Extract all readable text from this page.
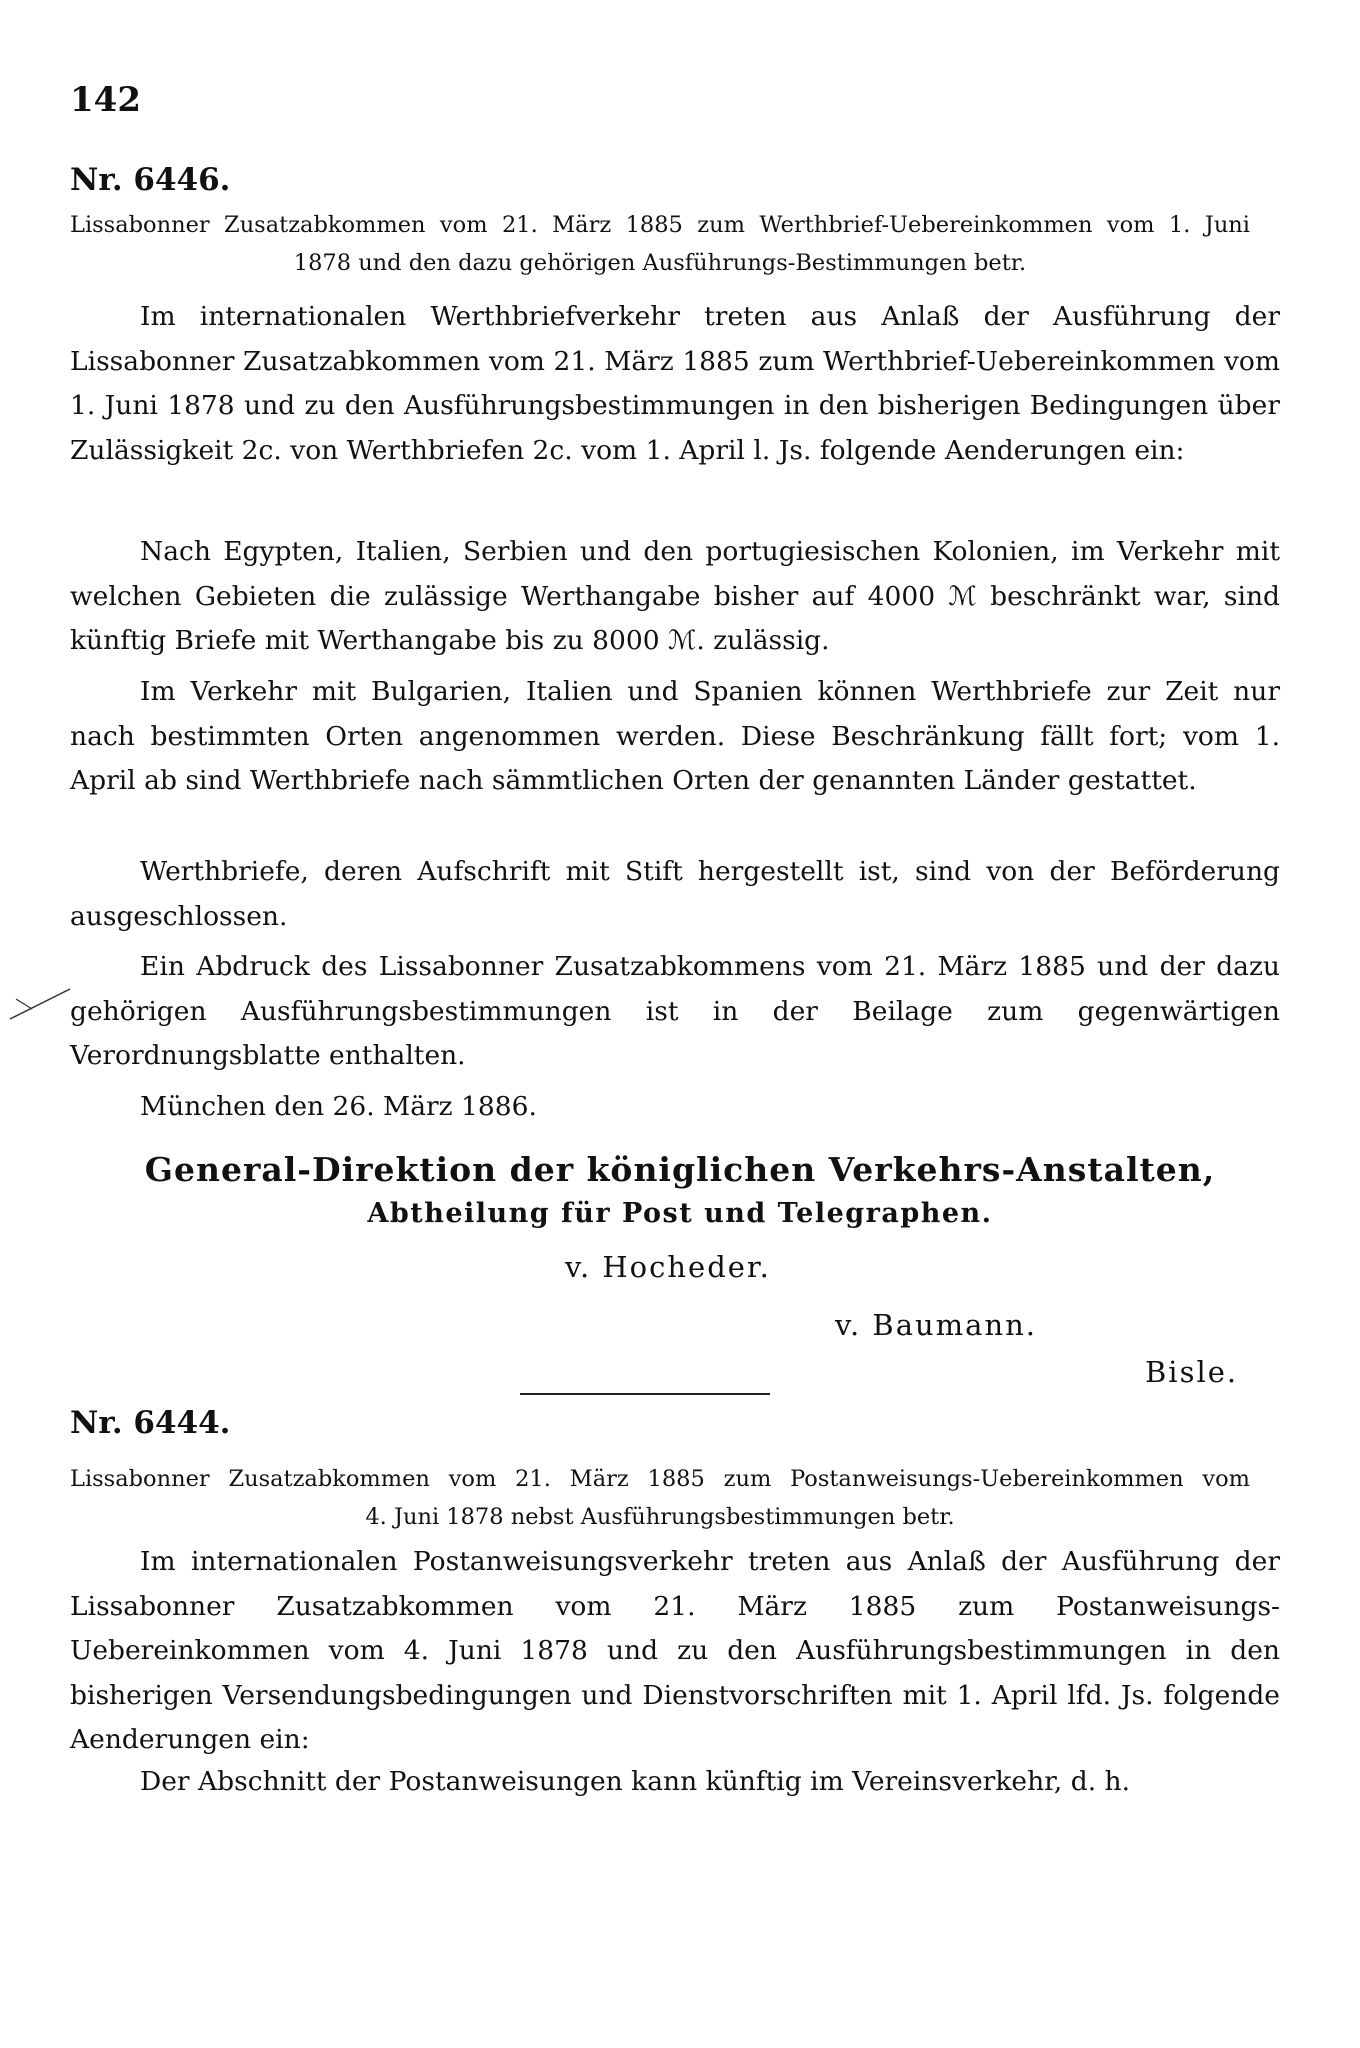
142
Nr. 6446.
Lissabonner Zusatzabkommen vom 21. März 1885 zum Werthbrief-Uebereinkommen vom 1. Juni
1878 und den dazu gehörigen Ausführungs-Bestimmungen betr.
Im internationalen Werthbriefverkehr treten aus Anlaß der Ausführung der Lissabonner Zusatzabkommen vom 21. März 1885 zum Werthbrief-Uebereinkommen vom 1. Juni 1878 und zu den Ausführungsbestimmungen in den bisherigen Bedingungen über Zulässigkeit 2c. von Werthbriefen 2c. vom 1. April l. Js. folgende Aenderungen ein:
Nach Egypten, Italien, Serbien und den portugiesischen Kolonien, im Verkehr mit welchen Gebieten die zulässige Werthangabe bisher auf 4000 ℳ beschränkt war, sind künftig Briefe mit Werthangabe bis zu 8000 ℳ. zulässig.
Im Verkehr mit Bulgarien, Italien und Spanien können Werthbriefe zur Zeit nur nach bestimmten Orten angenommen werden. Diese Beschränkung fällt fort; vom 1. April ab sind Werthbriefe nach sämmtlichen Orten der genannten Länder gestattet.
Werthbriefe, deren Aufschrift mit Stift hergestellt ist, sind von der Beförderung ausgeschlossen.
Ein Abdruck des Lissabonner Zusatzabkommens vom 21. März 1885 und der dazu gehörigen Ausführungsbestimmungen ist in der Beilage zum gegenwärtigen Verordnungsblatte enthalten.
München den 26. März 1886.
General-Direktion der königlichen Verkehrs-Anstalten,
Abtheilung für Post und Telegraphen.
v. Hocheder.
v. Baumann.
Bisle.
Nr. 6444.
Lissabonner Zusatzabkommen vom 21. März 1885 zum Postanweisungs-Uebereinkommen vom
4. Juni 1878 nebst Ausführungsbestimmungen betr.
Im internationalen Postanweisungsverkehr treten aus Anlaß der Ausführung der Lissabonner Zusatzabkommen vom 21. März 1885 zum Postanweisungs-Uebereinkommen vom 4. Juni 1878 und zu den Ausführungsbestimmungen in den bisherigen Versendungsbedingungen und Dienstvorschriften mit 1. April lfd. Js. folgende Aenderungen ein:
Der Abschnitt der Postanweisungen kann künftig im Vereinsverkehr, d. h.
